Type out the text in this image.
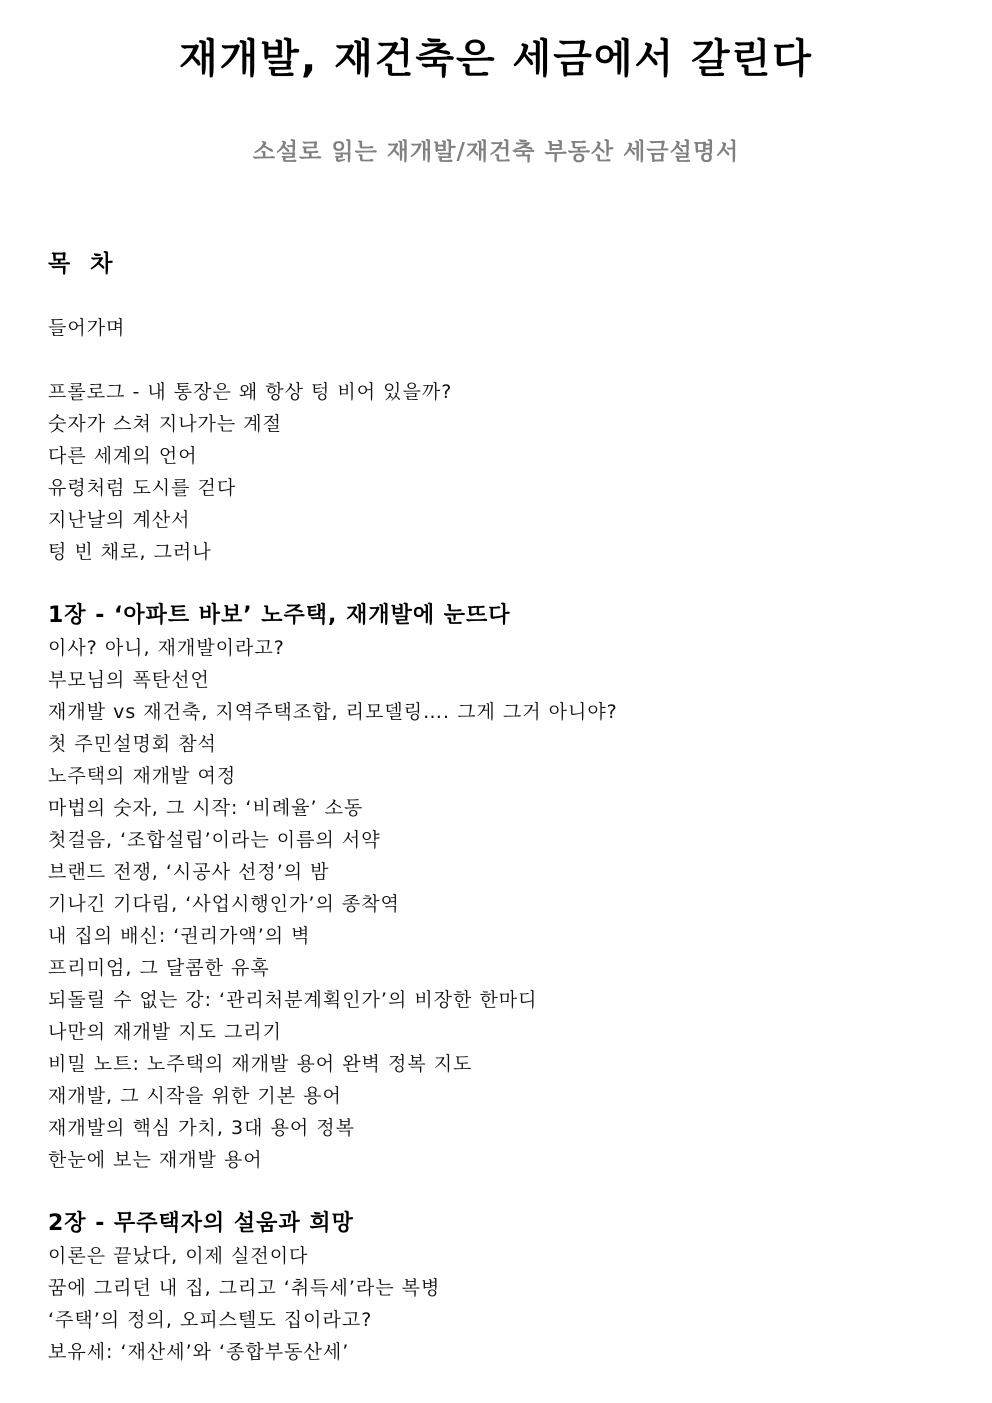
재개발, 재건축은 세금에서 갈린다
소설로 읽는 재개발/재건축 부동산 세금설명서
목 차
들어가며
프롤로그 - 내 통장은 왜 항상 텅 비어 있을까?
숫자가 스쳐 지나가는 계절
다른 세계의 언어
유령처럼 도시를 걷다
지난날의 계산서
텅 빈 채로, 그러나
1장 - ‘아파트 바보’ 노주택, 재개발에 눈뜨다
이사? 아니, 재개발이라고?
부모님의 폭탄선언
재개발 vs 재건축, 지역주택조합, 리모델링…. 그게 그거 아니야?
첫 주민설명회 참석
노주택의 재개발 여정
마법의 숫자, 그 시작: ‘비례율’ 소동
첫걸음, ‘조합설립’이라는 이름의 서약
브랜드 전쟁, ‘시공사 선정’의 밤
기나긴 기다림, ‘사업시행인가’의 종착역
내 집의 배신: ‘권리가액’의 벽
프리미엄, 그 달콤한 유혹
되돌릴 수 없는 강: ‘관리처분계획인가’의 비장한 한마디
나만의 재개발 지도 그리기
비밀 노트: 노주택의 재개발 용어 완벽 정복 지도
재개발, 그 시작을 위한 기본 용어
재개발의 핵심 가치, 3대 용어 정복
한눈에 보는 재개발 용어
2장 - 무주택자의 설움과 희망
이론은 끝났다, 이제 실전이다
꿈에 그리던 내 집, 그리고 ‘취득세’라는 복병
‘주택’의 정의, 오피스텔도 집이라고?
보유세: ‘재산세’와 ‘종합부동산세’
